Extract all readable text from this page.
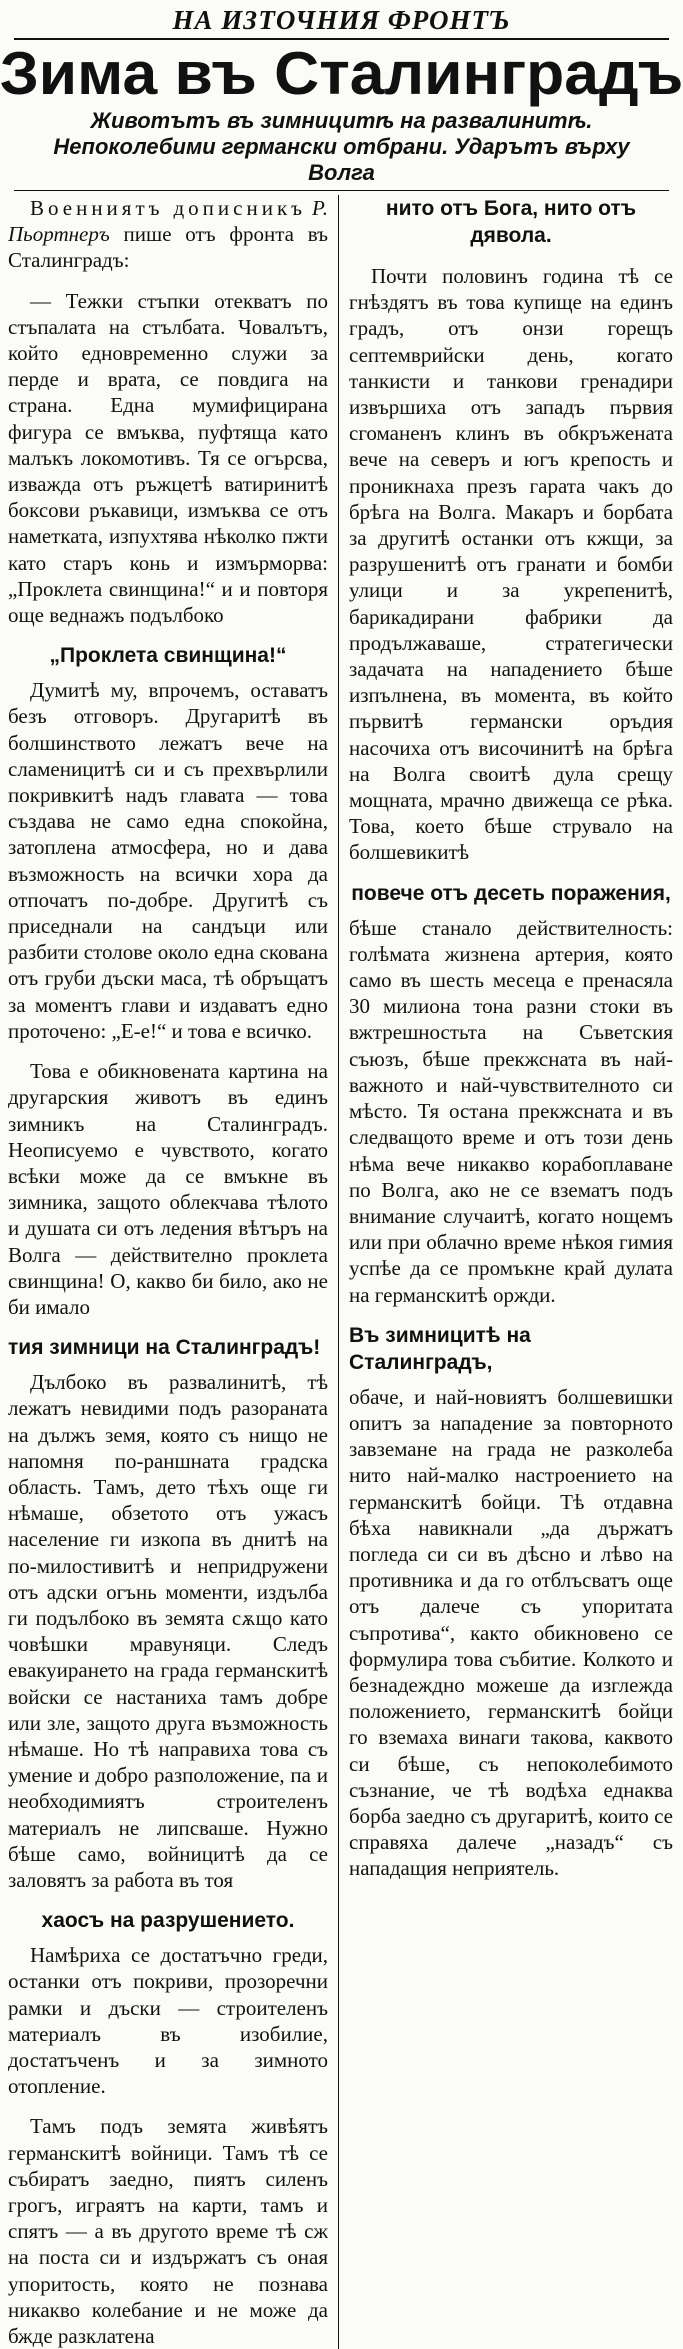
НА ИЗТОЧНИЯ ФРОНТЪ
Зима въ Сталинградъ
Животътъ въ зимницитѣ на развалинитѣ. Непоколебими германски отбрани. Ударътъ върху Волга

Военниятъ дописникъ Р. Пьортнеръ пише отъ фронта въ Сталинградъ:

— Тежки стъпки отекватъ по стъпалата на стълбата. Човалътъ, който едновременно служи за перде и врата, се повдига на страна. Една мумифицирана фигура се вмъква, пуфтяща като малъкъ локомотивъ. Тя се огърсва, изважда отъ ръжцетѣ ватиринитѣ боксови ръкавици, измъква се отъ наметката, изпухтява нѣколко пжти като старъ конь и измърморва: „Проклета свинщина!“ и и повторя още веднажъ подълбоко

„Проклета свинщина!“

Думитѣ му, впрочемъ, оставатъ безъ отговоръ. Другаритѣ въ болшинството лежатъ вече на сламеницитѣ си и съ прехвърлили покривкитѣ надъ главата — това създава не само една спокойна, затоплена атмосфера, но и дава възможность на всички хора да отпочатъ по-добре. Другитѣ съ приседнали на сандъци или разбити столове около една скована отъ груби дъски маса, тѣ обръщатъ за моментъ глави и издаватъ едно проточено: „Е-е!“ и това е всичко.

Това е обикновената картина на другарския животъ въ единъ зимникъ на Сталинградъ. Неописуемо е чувството, когато всѣки може да се вмъкне въ зимника, защото облекчава тѣлото и душата си отъ ледения вѣтъръ на Волга — действително проклета свинщина! О, какво би било, ако не би имало

тия зимници на Сталинградъ!

Дълбоко въ развалинитѣ, тѣ лежатъ невидими подъ разораната на дължъ земя, която съ нищо не напомня по-раншната градска область. Тамъ, дето тѣхъ още ги нѣмаше, обзетото отъ ужасъ население ги изкопа въ днитѣ на по-милостивитѣ и непридружени отъ адски огънь моменти, издълба ги подълбоко въ земята сѫщо като човѣшки мравуняци. Следъ евакуирането на града германскитѣ войски се настаниха тамъ добре или зле, защото друга възможность нѣмаше. Но тѣ направиха това съ умение и добро разположение, па и необходимиятъ строителенъ материалъ не липсваше. Нужно бѣше само, войницитѣ да се заловятъ за работа въ тоя

хаосъ на разрушението.

Намѣриха се достатъчно греди, останки отъ покриви, прозоречни рамки и дъски — строителенъ материалъ въ изобилие, достатъченъ и за зимното отопление.

Тамъ подъ земята живѣятъ германскитѣ войници. Тамъ тѣ се събиратъ заедно, пиятъ силенъ грогъ, играятъ на карти, тамъ и спятъ — а въ другото време тѣ сж на поста си и издържатъ съ оная упоритость, която не познава никакво колебание и не може да бжде разклатена

нито отъ Бога, нито отъ дявола.

Почти половинъ година тѣ се гнѣздятъ въ това купище на единъ градъ, отъ онзи горещъ септемврийски день, когато танкисти и танкови гренадири извършиха отъ западъ първия сгоманенъ клинъ въ обкръжената вече на северъ и югъ крепость и проникнаха презъ гарата чакъ до брѣга на Волга. Макаръ и борбата за другитѣ останки отъ кжщи, за разрушенитѣ отъ гранати и бомби улици и за укрепенитѣ, барикадирани фабрики да продължаваше, стратегически задачата на нападението бѣше изпълнена, въ момента, въ който първитѣ германски оръдия насочиха отъ височинитѣ на брѣга на Волга своитѣ дула срещу мощната, мрачно движеща се рѣка. Това, което бѣше струвало на болшевикитѣ

повече отъ десеть поражения,

бѣше станало действителность: голѣмата жизнена артерия, която само въ шесть месеца е пренасяла 30 милиона тона разни стоки въ вжтрешностьта на Съветския съюзъ, бѣше прекжсната въ най-важното и най-чувствителното си мѣсто. Тя остана прекжсната и въ следващото време и отъ този день нѣма вече никакво корабоплаване по Волга, ако не се взематъ подъ внимание случаитѣ, когато нощемъ или при облачно време нѣкоя гимия успѣе да се промъкне край дулата на германскитѣ оржди.

Въ зимницитѣ на Сталинградъ,

обаче, и най-новиятъ болшевишки опитъ за нападение за повторното завземане на града не разколеба нито най-малко настроението на германскитѣ бойци. Тѣ отдавна бѣха навикнали „да държатъ погледа си си въ дѣсно и лѣво на противника и да го отблъсватъ още отъ далече съ упоритата съпротива“, както обикновено се формулира това събитие. Колкото и безнадеждно можеше да изглежда положението, германскитѣ бойци го вземаха винаги такова, каквото си бѣше, съ непоколебимото съзнание, че тѣ водѣха еднаква борба заедно съ другаритѣ, които се справяха далече „назадъ“ съ нападащия неприятель.
